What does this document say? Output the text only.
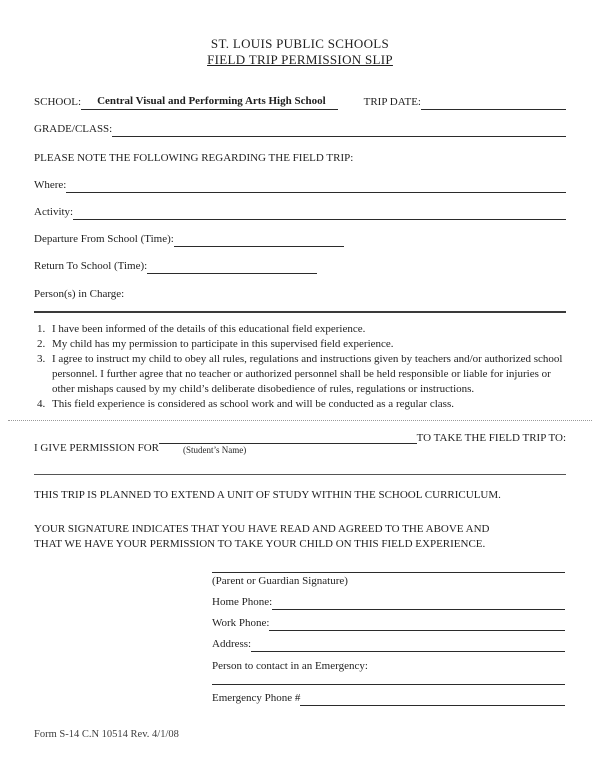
ST. LOUIS PUBLIC SCHOOLS
FIELD TRIP PERMISSION SLIP
SCHOOL:	Central Visual and Performing Arts High School	TRIP DATE:
GRADE/CLASS:
PLEASE NOTE THE FOLLOWING REGARDING THE FIELD TRIP:
Where:
Activity:
Departure From School (Time):
Return To School (Time):
Person(s) in Charge:
1. I have been informed of the details of this educational field experience.
2. My child has my permission to participate in this supervised field experience.
3. I agree to instruct my child to obey all rules, regulations and instructions given by teachers and/or authorized school personnel. I further agree that no teacher or authorized personnel shall be held responsible or liable for injuries or other mishaps caused by my child’s deliberate disobedience of rules, regulations or instructions.
4. This field experience is considered as school work and will be conducted as a regular class.
I GIVE PERMISSION FOR	(Student’s Name)
TO TAKE THE FIELD TRIP TO:
THIS TRIP IS PLANNED TO EXTEND A UNIT OF STUDY WITHIN THE SCHOOL CURRICULUM.
YOUR SIGNATURE INDICATES THAT YOU HAVE READ AND AGREED TO THE ABOVE AND
THAT WE HAVE YOUR PERMISSION TO TAKE YOUR CHILD ON THIS FIELD EXPERIENCE.
(Parent or Guardian Signature)
Home Phone:
Work Phone:
Address:
Person to contact in an Emergency:
Emergency Phone #
Form S-14 C.N 10514 Rev. 4/1/08
